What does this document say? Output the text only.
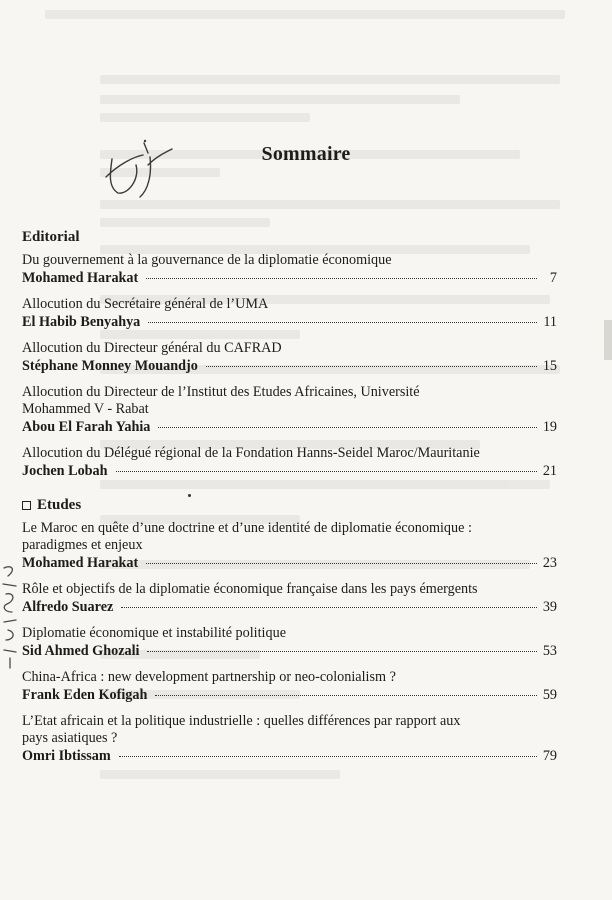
Sommaire
Editorial
Du gouvernement à la gouvernance de la diplomatie économique
Mohamed Harakat	7
Allocution du Secrétaire général de l’UMA
El Habib Benyahya	11
Allocution du Directeur général du CAFRAD
Stéphane Monney Mouandjo	15
Allocution du Directeur de l’Institut des Etudes Africaines, Université
Mohammed V - Rabat
Abou El Farah Yahia	19
Allocution du Délégué régional de la Fondation Hanns-Seidel Maroc/Mauritanie
Jochen Lobah	21
Etudes
Le Maroc en quête d’une doctrine et d’une identité de diplomatie économique :
paradigmes et enjeux
Mohamed Harakat	23
Rôle et objectifs de la diplomatie économique française dans les pays émergents
Alfredo Suarez	39
Diplomatie économique et instabilité politique
Sid Ahmed Ghozali	53
China-Africa : new development partnership or neo-colonialism ?
Frank Eden Kofigah	59
L’Etat africain et la politique industrielle : quelles différences par rapport aux
pays asiatiques ?
Omri Ibtissam	79
